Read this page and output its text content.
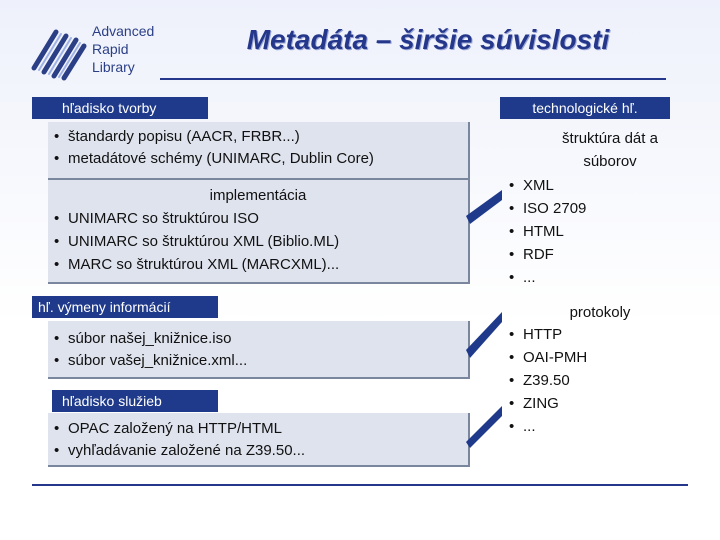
Advanced
Rapid
Library
Metadáta – širšie súvislosti
hľadisko tvorby
• štandardy popisu (AACR, FRBR...)
• metadátové schémy (UNIMARC, Dublin Core)
implementácia
• UNIMARC so štruktúrou ISO
• UNIMARC so štruktúrou XML (Biblio.ML)
• MARC so štruktúrou XML (MARCXML)...
hľ. výmeny informácií
• súbor našej_knižnice.iso
• súbor vašej_knižnice.xml...
hľadisko služieb
• OPAC založený na HTTP/HTML
• vyhľadávanie založené na Z39.50...
technologické hľ.
štruktúra dát a
súborov
• XML
• ISO 2709
• HTML
• RDF
• ...
protokoly
• HTTP
• OAI-PMH
• Z39.50
• ZING
• ...
